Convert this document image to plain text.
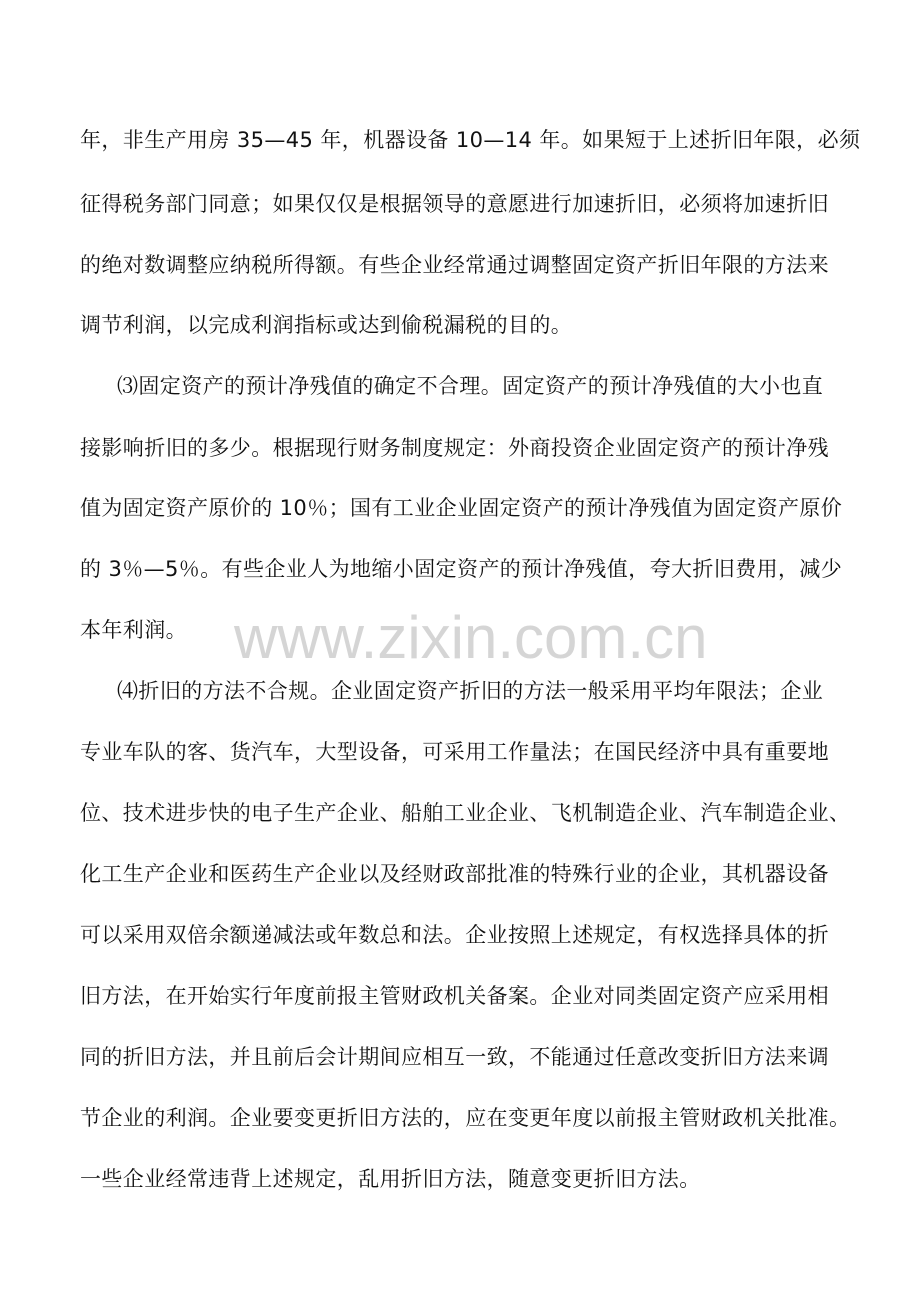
年，非生产用房 35—45 年，机器设备 10—14 年。如果短于上述折旧年限，必须
征得税务部门同意；如果仅仅是根据领导的意愿进行加速折旧，必须将加速折旧
的绝对数调整应纳税所得额。有些企业经常通过调整固定资产折旧年限的方法来
调节利润，以完成利润指标或达到偷税漏税的目的。
⑶固定资产的预计净残值的确定不合理。固定资产的预计净残值的大小也直
接影响折旧的多少。根据现行财务制度规定：外商投资企业固定资产的预计净残
值为固定资产原价的 10％；国有工业企业固定资产的预计净残值为固定资产原价
的 3％—5％。有些企业人为地缩小固定资产的预计净残值，夸大折旧费用，减少
本年利润。
⑷折旧的方法不合规。企业固定资产折旧的方法一般采用平均年限法；企业
专业车队的客、货汽车，大型设备，可采用工作量法；在国民经济中具有重要地
位、技术进步快的电子生产企业、船舶工业企业、飞机制造企业、汽车制造企业、
化工生产企业和医药生产企业以及经财政部批准的特殊行业的企业，其机器设备
可以采用双倍余额递减法或年数总和法。企业按照上述规定，有权选择具体的折
旧方法，在开始实行年度前报主管财政机关备案。企业对同类固定资产应采用相
同的折旧方法，并且前后会计期间应相互一致，不能通过任意改变折旧方法来调
节企业的利润。企业要变更折旧方法的，应在变更年度以前报主管财政机关批准。
一些企业经常违背上述规定，乱用折旧方法，随意变更折旧方法。
www.zixin.com.cn
